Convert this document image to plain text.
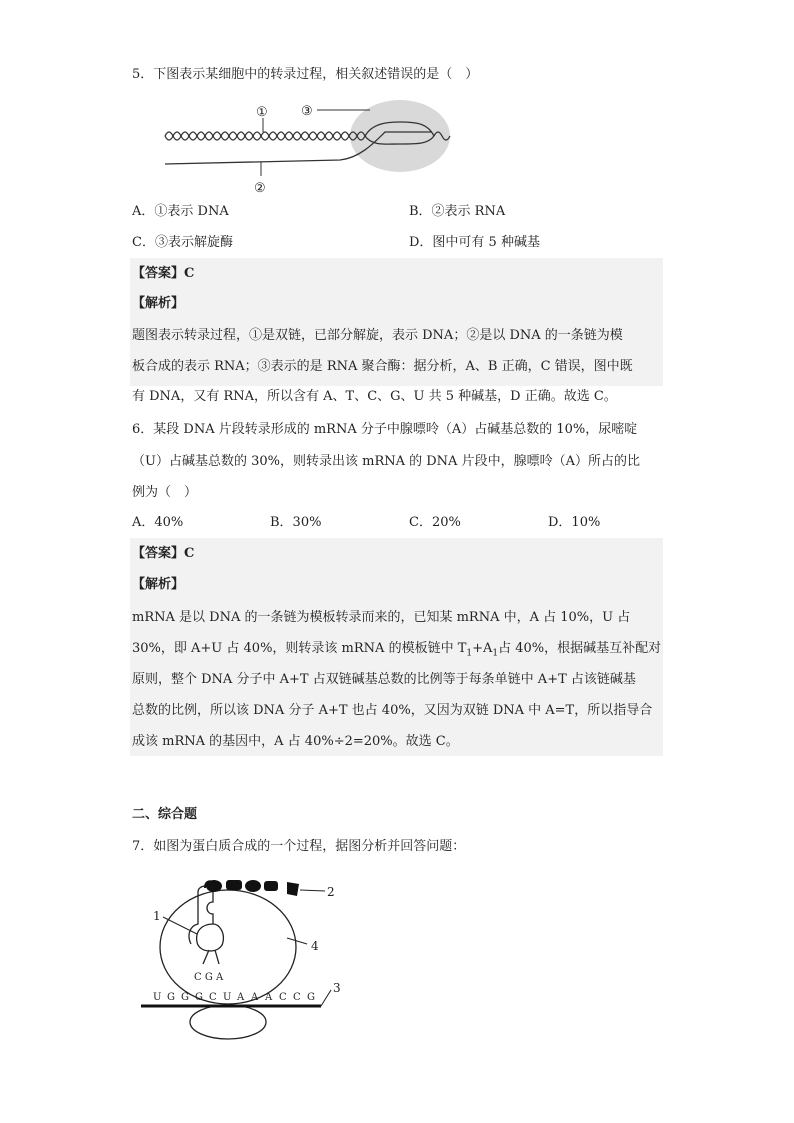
5．下图表示某细胞中的转录过程，相关叙述错误的是（　）
①
②
③
A．①表示 DNA	B．②表示 RNA
C．③表示解旋酶	D．图中可有 5 种碱基
【答案】C
【解析】
题图表示转录过程，①是双链，已部分解旋，表示 DNA；②是以 DNA 的一条链为模
板合成的表示 RNA；③表示的是 RNA 聚合酶：据分析，A、B 正确，C 错误，图中既
有 DNA，又有 RNA，所以含有 A、T、C、G、U 共 5 种碱基，D 正确。故选 C。
6．某段 DNA 片段转录形成的 mRNA 分子中腺嘌呤（A）占碱基总数的 10%，尿嘧啶
（U）占碱基总数的 30%，则转录出该 mRNA 的 DNA 片段中，腺嘌呤（A）所占的比
例为（　）
A．40%	B．30%	C．20%	D．10%
【答案】C
【解析】
mRNA 是以 DNA 的一条链为模板转录而来的，已知某 mRNA 中，A 占 10%，U 占
30%，即 A+U 占 40%，则转录该 mRNA 的模板链中 $T_1+A_1$占 40%，根据碱基互补配对
原则，整个 DNA 分子中 A+T 占双链碱基总数的比例等于每条单链中 A+T 占该链碱基
总数的比例，所以该 DNA 分子 A+T 也占 40%，又因为双链 DNA 中 A=T，所以指导合
成该 mRNA 的基因中，A 占 40%÷2=20%。故选 C。
二、综合题
7．如图为蛋白质合成的一个过程，据图分析并回答问题：
U G G G C U A A A C C G
C G A
1
2
3
4
